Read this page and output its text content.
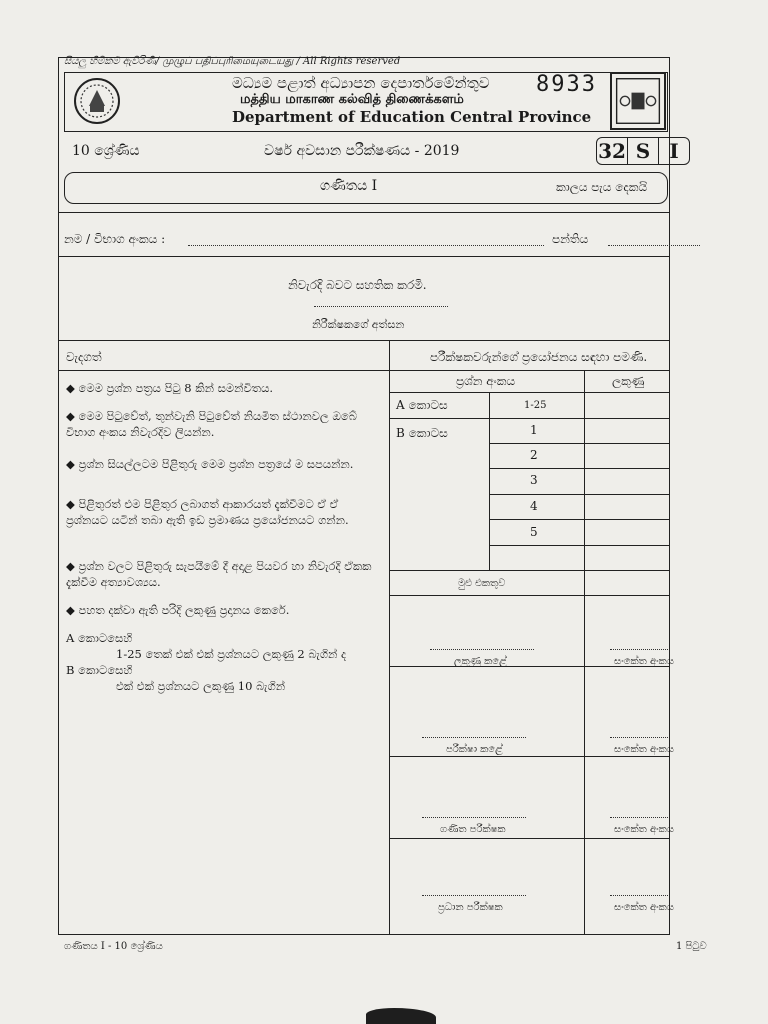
සියලු හිමිකම් ඇවිරිණි/ முழுப் பதிப்புரிமையுடையது / All Rights reserved
මධ්‍යම පළාත් අධ්‍යාපන දෙපාර්තමේන්තුව
மத்திய மாகாண கல்வித் திணைக்களம்
Department of Education Central Province
8933
10 ශ්‍රේණිය	වර්ෂ අවසාන පරීක්ෂණය - 2019	32 S I
ගණිතය I	කාලය පැය දෙකයි
නම / විභාග අංකය :	පන්තිය
නිවැරදි බවට සහතික කරමි.
නිරීක්ෂකගේ අත්සන
වැදගත්
◆ මෙම ප්‍රශ්න පත්‍රය පිටු 8 කින් සමන්විතය.
◆ මෙම පිටුවේත්, තුන්වැනි පිටුවේත් නියමිත ස්ථානවල ඔබේ විභාග අංකය නිවැරදිව ලියන්න.
◆ ප්‍රශ්න සියල්ලටම පිළිතුරු මෙම ප්‍රශ්න පත්‍රයේ ම සපයන්න.
◆ පිළිතුරත් එම පිළිතුර ලබාගත් ආකාරයත් දැක්වීමට ඒ ඒ ප්‍රශ්නයට යටින් තබා ඇති ඉඩ ප්‍රමාණය ප්‍රයෝජනයට ගන්න.
◆ ප්‍රශ්න වලට පිළිතුරු සැපයීමේ දී අදාළ පියවර හා නිවැරදි ඒකක දැක්වීම අත්‍යාවශ්‍යය.
◆ පහත දක්වා ඇති පරිදි ලකුණු ප්‍රදානය කෙරේ.
A කොටසෙහි
1-25 තෙක් එක් එක් ප්‍රශ්නයට ලකුණු 2 බැගින් ද
B කොටසෙහි
එක් එක් ප්‍රශ්නයට ලකුණු 10 බැගින්
පරීක්ෂකවරුන්ගේ ප්‍රයෝජනය සඳහා පමණි.
ප්‍රශ්න අංකය	ලකුණු
A කොටස	1-25
B කොටස	1
2
3
4
5
මුළු එකතුව
ලකුණු කළේ	සංකේත අංකය
පරීක්ෂා කළේ	සංකේත අංකය
ගණිත පරීක්ෂක	සංකේත අංකය
ප්‍රධාන පරීක්ෂක	සංකේත අංකය
ගණිතය I - 10 ශ්‍රේණිය	1 පිටුව
